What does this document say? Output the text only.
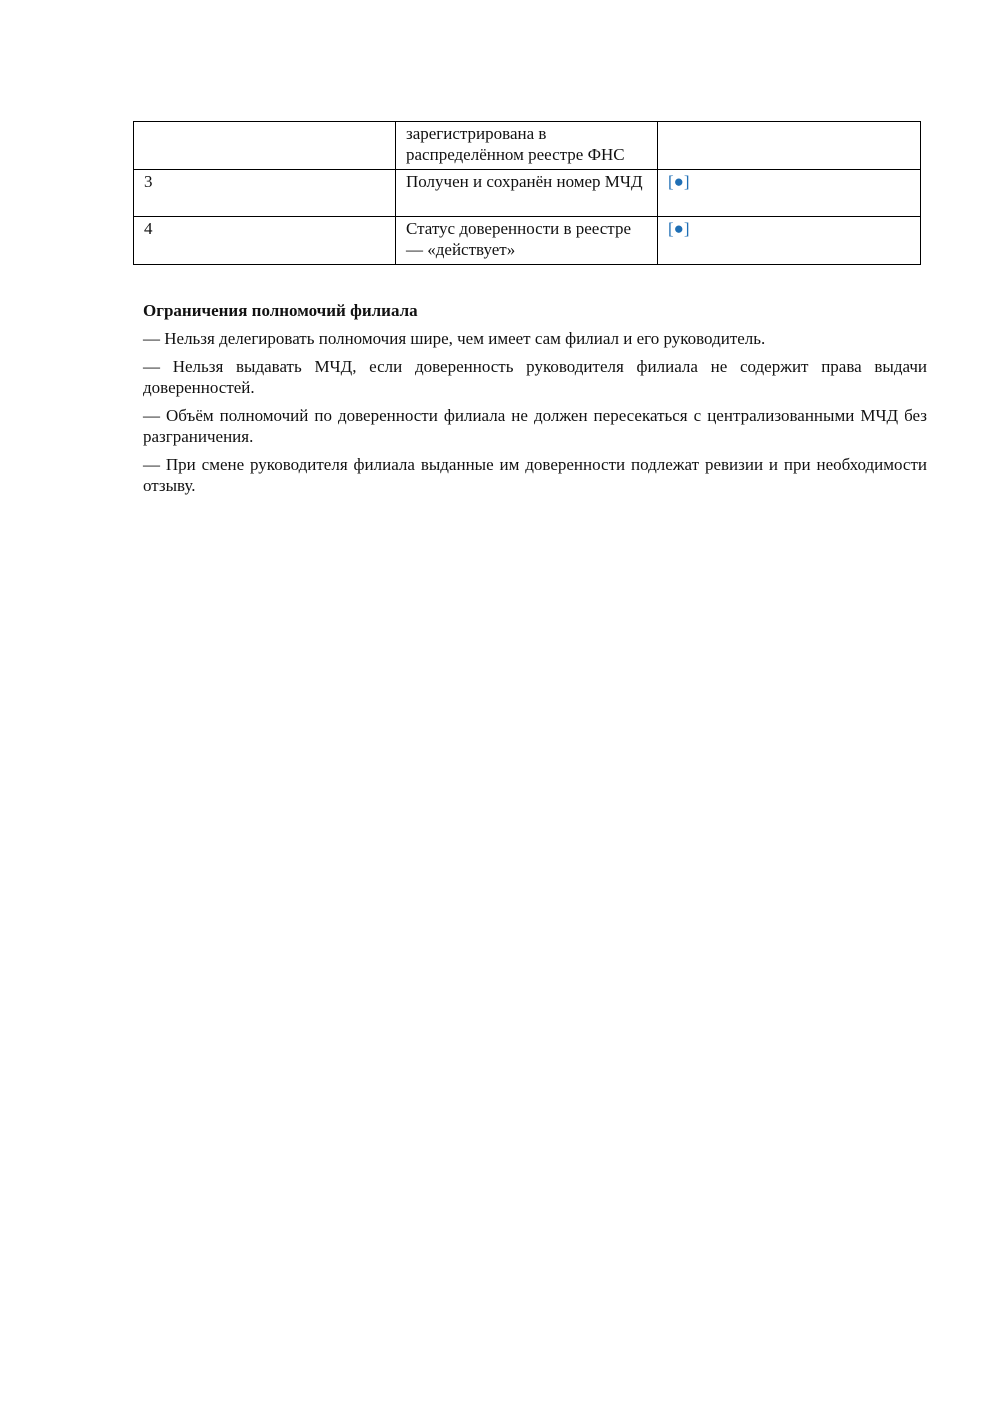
	зарегистрирована в распределённом реестре ФНС	
3	Получен и сохранён номер МЧД	[●]
4	Статус доверенности в реестре — «действует»	[●]
Ограничения полномочий филиала

— Нельзя делегировать полномочия шире, чем имеет сам филиал и его руководитель.

— Нельзя выдавать МЧД, если доверенность руководителя филиала не содержит права выдачи доверенностей.

— Объём полномочий по доверенности филиала не должен пересекаться с централизованными МЧД без разграничения.

— При смене руководителя филиала выданные им доверенности подлежат ревизии и при необходимости отзыву.
